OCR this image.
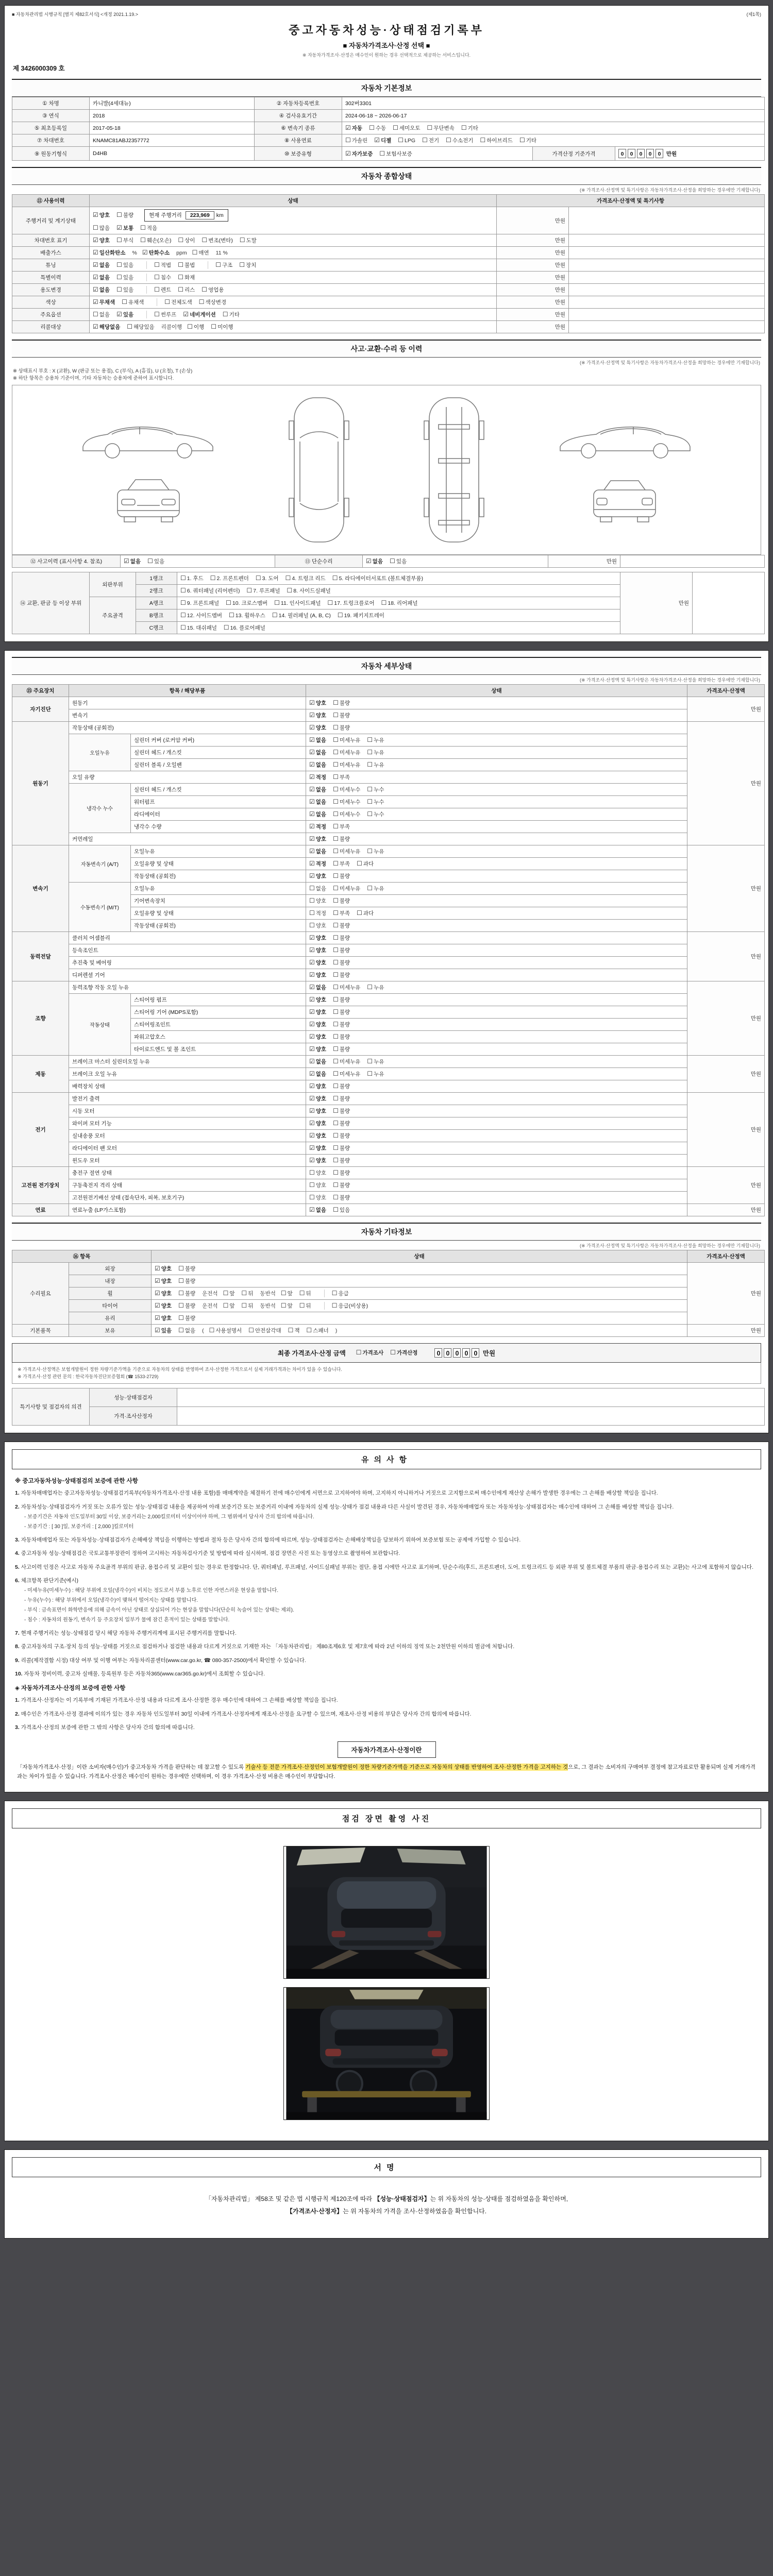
■ 자동차관리법 시행규칙 [별지 제82호서식] <개정 2021.1.19.>	(제1쪽)
중고자동차성능·상태점검기록부
■ 자동차가격조사·산정 선택 ■
※ 자동차가격조사·산정은 매수인이 원하는 경우 선택적으로 제공하는 서비스입니다.
제 3426000309 호
자동차 기본정보
① 차명	카니발(4세대뉴)	② 자동차등록번호	302버3301		
③ 연식	2018	④ 검사유효기간	2024-06-18 ~ 2026-06-17		
⑤ 최초등록일	2017-05-18	⑥ 변속기 종류	☑ 자동 ☐ 수동 ☐ 세미오토 ☐ 무단변속 ☐ 기타		
⑦ 차대번호	KNAMC81ABJ2357772	⑧ 사용연료	☐ 가솔린 ☑ 디젤 ☐ LPG ☐ 전기 ☐ 수소전기 ☐ 하이브리드 ☐ 기타		
⑨ 원동기형식	D4HB	⑩ 보증유형	☑ 자가보증 ☐ 보험사보증	가격산정 기준가격	0 0 0 0 0 만원
자동차 종합상태
(※ 가격조사·산정액 및 특기사항은 자동차가격조사·산정을 희망하는 경우에만 기재합니다)
⑪ 사용이력	상태	가격조사·산정액 및 특기사항	
주행거리 및 계기상태	☑ 양호 ☐ 불량 현재 주행거리 223,969 km
☐ 많음 ☑ 보통 ☐ 적음	만원	
차대번호 표기	☑ 양호 ☐ 부식 ☐ 훼손(오손) ☐ 상이 ☐ 변조(변타) ☐ 도말	만원	
배출가스	☑ 일산화탄소 % ☑ 탄화수소 ppm ☐ 매연 11 %	만원	
튜닝	☑ 없음 ☐ 있음 ☐ 적법 ☐ 불법 ☐ 구조 ☐ 장치	만원	
특별이력	☑ 없음 ☐ 있음 ☐ 침수 ☐ 화재	만원	
용도변경	☑ 없음 ☐ 있음 ☐ 렌트 ☐ 리스 ☐ 영업용	만원	
색상	☑ 무채색 ☐ 유채색 ☐ 전체도색 ☐ 색상변경	만원	
주요옵션	☐ 없음 ☑ 있음 ☐ 썬루프 ☑ 네비게이션 ☐ 기타	만원	
리콜대상	☑ 해당없음 ☐ 해당있음 리콜이행 ☐ 이행 ☐ 미이행	만원	
사고·교환·수리 등 이력
(※ 가격조사·산정액 및 특기사항은 자동차가격조사·산정을 희망하는 경우에만 기재합니다)
※ 상태표시 부호 : X (교환), W (판금 또는 용접), C (부식), A (흠집), U (요철), T (손상)
※ 하단 항목은 승용차 기준이며, 기타 자동차는 승용차에 준하여 표시합니다.
⑫ 사고이력 (표시사항 4. 참조)	☑ 없음 ☐ 있음	⑬ 단순수리	☑ 없음 ☐ 있음	만원	
⑭ 교환, 판금 등 이상 부위	외판부위	1랭크	☐ 1. 후드 ☐ 2. 프론트펜더 ☐ 3. 도어 ☐ 4. 트렁크 리드 ☐ 5. 라디에이터서포트 (볼트체결부품)	만원	
		2랭크	☐ 6. 쿼터패널 (리어펜더) ☐ 7. 루프패널 ☐ 8. 사이드실패널		
	주요골격	A랭크	☐ 9. 프론트패널 ☐ 10. 크로스멤버 ☐ 11. 인사이드패널 ☐ 17. 트렁크플로어 ☐ 18. 리어패널		
		B랭크	☐ 12. 사이드멤버 ☐ 13. 휠하우스 ☐ 14. 필러패널 (A, B, C) ☐ 19. 패키지트레이		
		C랭크	☐ 15. 대쉬패널 ☐ 16. 플로어패널		
자동차 세부상태
(※ 가격조사·산정액 및 특기사항은 자동차가격조사·산정을 희망하는 경우에만 기재합니다)
⑮ 주요장치	항목 / 해당부품		상태	가격조사·산정액
자기진단	원동기		☑ 양호 ☐ 불량	만원
	변속기		☑ 양호 ☐ 불량	
원동기	작동상태 (공회전)		☑ 양호 ☐ 불량	만원
	오일누유	실린더 커버 (로커암 커버)	☑ 없음 ☐ 미세누유 ☐ 누유	
		실린더 헤드 / 개스킷	☑ 없음 ☐ 미세누유 ☐ 누유	
		실린더 블록 / 오일팬	☑ 없음 ☐ 미세누유 ☐ 누유	
	오일 유량		☑ 적정 ☐ 부족	
	냉각수 누수	실린더 헤드 / 개스킷	☑ 없음 ☐ 미세누수 ☐ 누수	
		워터펌프	☑ 없음 ☐ 미세누수 ☐ 누수	
		라디에이터	☑ 없음 ☐ 미세누수 ☐ 누수	
		냉각수 수량	☑ 적정 ☐ 부족	
	커먼레일		☑ 양호 ☐ 불량	
변속기	자동변속기 (A/T)	오일누유	☑ 없음 ☐ 미세누유 ☐ 누유	만원
		오일유량 및 상태	☑ 적정 ☐ 부족 ☐ 과다	
		작동상태 (공회전)	☑ 양호 ☐ 불량	
	수동변속기 (M/T)	오일누유	☐ 없음 ☐ 미세누유 ☐ 누유	
		기어변속장치	☐ 양호 ☐ 불량	
		오일유량 및 상태	☐ 적정 ☐ 부족 ☐ 과다	
		작동상태 (공회전)	☐ 양호 ☐ 불량	
동력전달	클러치 어셈블리		☑ 양호 ☐ 불량	만원
	등속조인트		☑ 양호 ☐ 불량	
	추진축 및 베어링		☑ 양호 ☐ 불량	
	디퍼렌셜 기어		☑ 양호 ☐ 불량	
조향	동력조향 작동 오일 누유		☑ 없음 ☐ 미세누유 ☐ 누유	만원
	작동상태	스티어링 펌프	☑ 양호 ☐ 불량	
		스티어링 기어 (MDPS포함)	☑ 양호 ☐ 불량	
		스티어링조인트	☑ 양호 ☐ 불량	
		파워고압호스	☑ 양호 ☐ 불량	
		타이로드엔드 및 볼 조인트	☑ 양호 ☐ 불량	
제동	브레이크 마스터 실린더오일 누유		☑ 없음 ☐ 미세누유 ☐ 누유	만원
	브레이크 오일 누유		☑ 없음 ☐ 미세누유 ☐ 누유	
	배력장치 상태		☑ 양호 ☐ 불량	
전기	발전기 출력		☑ 양호 ☐ 불량	만원
	시동 모터		☑ 양호 ☐ 불량	
	와이퍼 모터 기능		☑ 양호 ☐ 불량	
	실내송풍 모터		☑ 양호 ☐ 불량	
	라디에이터 팬 모터		☑ 양호 ☐ 불량	
	윈도우 모터		☑ 양호 ☐ 불량	
고전원 전기장치	충전구 절연 상태		☐ 양호 ☐ 불량	만원
	구동축전지 격리 상태		☐ 양호 ☐ 불량	
	고전원전기배선 상태 (접속단자, 피복, 보호기구)		☐ 양호 ☐ 불량	
연료	연료누출 (LP가스포함)		☑ 없음 ☐ 있음	만원
자동차 기타정보
(※ 가격조사·산정액 및 특기사항은 자동차가격조사·산정을 희망하는 경우에만 기재합니다)
⑯ 항목		상태	가격조사·산정액
수리필요	외장	☑ 양호 ☐ 불량	만원
	내장	☑ 양호 ☐ 불량	
	휠	☑ 양호 ☐ 불량 운전석 ☐ 앞 ☐ 뒤 동반석 ☐ 앞 ☐ 뒤 ☐ 응급	
	타이어	☑ 양호 ☐ 불량 운전석 ☐ 앞 ☐ 뒤 동반석 ☐ 앞 ☐ 뒤 ☐ 응급(비상용)	
	유리	☑ 양호 ☐ 불량	
기본품목	보유	☑ 있음 ☐ 없음 ( ☐ 사용설명서 ☐ 안전삼각대 ☐ 잭 ☐ 스패너 )	만원
최종 가격조사·산정 금액 ☐ 가격조사 ☐ 가격산정	0 0 0 0 0 만원
※ 가격조사·산정액은 보험개발원이 정한 차량기준가액을 기준으로 자동차의 상태를 반영하여 조사·산정한 가격으로서 실제 거래가격과는 차이가 있을 수 있습니다.
※ 가격조사·산정 관련 문의 : 한국자동차진단보증협회 (☎ 1533-2729)
특기사항 및 점검자의 의견	성능·상태점검자	
	가격·조사산정자	
유의사항
※ 중고자동차성능·상태점검의 보증에 관한 사항
1. 자동차매매업자는 중고자동차성능·상태점검기록부(자동차가격조사·산정 내용 포함)를 매매계약을 체결하기 전에 매수인에게 서면으로 고지하여야 하며, 고지하지 아니하거나 거짓으로 고지함으로써 매수인에게 재산상 손해가 발생한 경우에는 그 손해를 배상할 책임을 집니다.
2. 자동차성능·상태점검자가 거짓 또는 오류가 있는 성능·상태점검 내용을 제공하여 아래 보증기간 또는 보증거리 이내에 자동차의 실제 성능·상태가 점검 내용과 다른 사실이 발견된 경우, 자동차매매업자 또는 자동차성능·상태점검자는 매수인에 대하여 그 손해를 배상할 책임을 집니다.
- 보증기간은 자동차 인도일부터 30일 이상, 보증거리는 2,000킬로미터 이상이어야 하며, 그 범위에서 당사자 간의 합의에 따릅니다.
- 보증기간 : [ 30 ]일, 보증거리 : [ 2,000 ]킬로미터
3. 자동차매매업자 또는 자동차성능·상태점검자가 손해배상 책임을 이행하는 방법과 절차 등은 당사자 간의 합의에 따르며, 성능·상태점검자는 손해배상책임을 담보하기 위하여 보증보험 또는 공제에 가입할 수 있습니다.
4. 중고자동차 성능·상태점검은 국토교통부장관이 정하여 고시하는 자동차검사기준 및 방법에 따라 실시하며, 점검 장면은 사진 또는 동영상으로 촬영하여 보관합니다.
5. 사고이력 인정은 사고로 자동차 주요골격 부위의 판금, 용접수리 및 교환이 있는 경우로 한정합니다. 단, 쿼터패널, 루프패널, 사이드실패널 부위는 절단, 용접 시에만 사고로 표기하며, 단순수리(후드, 프론트펜더, 도어, 트렁크리드 등 외판 부위 및 볼트체결 부품의 판금·용접수리 또는 교환)는 사고에 포함하지 않습니다.
6. 체크항목 판단기준(예시)
- 미세누유(미세누수) : 해당 부위에 오일(냉각수)이 비치는 정도로서 부품 노후로 인한 자연스러운 현상을 말합니다.
- 누유(누수) : 해당 부위에서 오일(냉각수)이 맺혀서 떨어지는 상태를 말합니다.
- 부식 : 금속표면이 화학반응에 의해 금속이 아닌 상태로 상실되어 가는 현상을 말합니다(단순히 녹슬어 있는 상태는 제외).
- 침수 : 자동차의 원동기, 변속기 등 주요장치 일부가 물에 잠긴 흔적이 있는 상태를 말합니다.
7. 현재 주행거리는 성능·상태점검 당시 해당 자동차 주행거리계에 표시된 주행거리를 말합니다.
8. 중고자동차의 구조·장치 등의 성능·상태를 거짓으로 점검하거나 점검한 내용과 다르게 거짓으로 기재한 자는 「자동차관리법」 제80조제6호 및 제7호에 따라 2년 이하의 징역 또는 2천만원 이하의 벌금에 처합니다.
9. 리콜(제작결함 시정) 대상 여부 및 이행 여부는 자동차리콜센터(www.car.go.kr, ☎ 080-357-2500)에서 확인할 수 있습니다.
10. 자동차 정비이력, 중고차 실매물, 등록원부 등은 자동차365(www.car365.go.kr)에서 조회할 수 있습니다.
◈ 자동차가격조사·산정의 보증에 관한 사항
1. 가격조사·산정자는 이 기록부에 기재된 가격조사·산정 내용과 다르게 조사·산정한 경우 매수인에 대하여 그 손해를 배상할 책임을 집니다.
2. 매수인은 가격조사·산정 결과에 이의가 있는 경우 자동차 인도일부터 30일 이내에 가격조사·산정자에게 재조사·산정을 요구할 수 있으며, 재조사·산정 비용의 부담은 당사자 간의 합의에 따릅니다.
3. 가격조사·산정의 보증에 관한 그 밖의 사항은 당사자 간의 합의에 따릅니다.
자동차가격조사·산정이란

「자동차가격조사·산정」이란 소비자(매수인)가 중고자동차 가격을 판단하는 데 참고할 수 있도록 기술사 등 전문 가격조사·산정인이 보험개발원이 정한 차량기준가액을 기준으로 자동차의 상태를 반영하여 조사·산정한 가격을 고지하는 것으로, 그 결과는 소비자의 구매여부 결정에 참고자료로만 활용되며 실제 거래가격과는 차이가 있을 수 있습니다. 가격조사·산정은 매수인이 원하는 경우에만 선택하며, 이 경우 가격조사·산정 비용은 매수인이 부담합니다.

점검 장면 촬영 사진
서명

「자동차관리법」 제58조 및 같은 법 시행규칙 제120조에 따라 【성능·상태점검자】는 위 자동차의 성능·상태를 점검하였음을 확인하며,
【가격조사·산정자】는 위 자동차의 가격을 조사·산정하였음을 확인합니다.
